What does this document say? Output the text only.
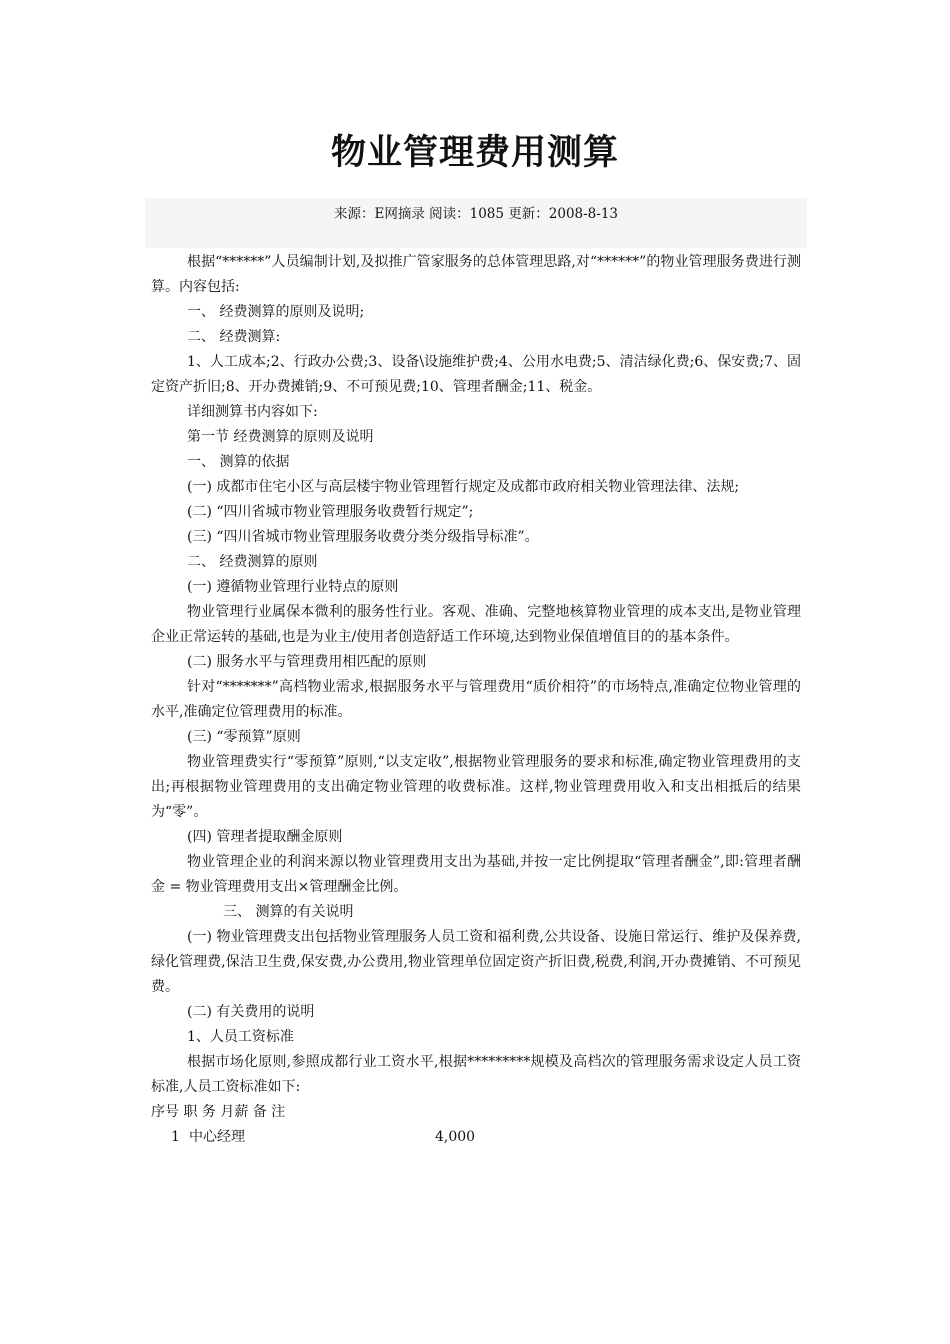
物业管理费用测算
来源：E网摘录 阅读：1085 更新：2008-8-13

根据“******”人员编制计划,及拟推广管家服务的总体管理思路,对“******”的物业管理服务费进行测算。内容包括:

一、 经费测算的原则及说明;

二、 经费测算:

1、人工成本;2、行政办公费;3、设备\设施维护费;4、公用水电费;5、清洁绿化费;6、保安费;7、固定资产折旧;8、开办费摊销;9、不可预见费;10、管理者酬金;11、税金。

详细测算书内容如下:

第一节 经费测算的原则及说明

一、 测算的依据

(一) 成都市住宅小区与高层楼宇物业管理暂行规定及成都市政府相关物业管理法律、法规;

(二) “四川省城市物业管理服务收费暂行规定”;

(三) “四川省城市物业管理服务收费分类分级指导标准”。

二、 经费测算的原则

(一) 遵循物业管理行业特点的原则

物业管理行业属保本微利的服务性行业。客观、准确、完整地核算物业管理的成本支出,是物业管理企业正常运转的基础,也是为业主/使用者创造舒适工作环境,达到物业保值增值目的的基本条件。

(二) 服务水平与管理费用相匹配的原则

针对“*******”高档物业需求,根据服务水平与管理费用“质价相符”的市场特点,准确定位物业管理的水平,准确定位管理费用的标准。

(三) “零预算”原则

物业管理费实行“零预算”原则,“以支定收”,根据物业管理服务的要求和标准,确定物业管理费用的支出;再根据物业管理费用的支出确定物业管理的收费标准。这样,物业管理费用收入和支出相抵后的结果为“零”。

(四) 管理者提取酬金原则

物业管理企业的利润来源以物业管理费用支出为基础,并按一定比例提取“管理者酬金”,即:管理者酬金 = 物业管理费用支出×管理酬金比例。

三、 测算的有关说明

(一) 物业管理费支出包括物业管理服务人员工资和福利费,公共设备、设施日常运行、维护及保养费,绿化管理费,保洁卫生费,保安费,办公费用,物业管理单位固定资产折旧费,税费,利润,开办费摊销、不可预见费。

(二) 有关费用的说明

1、人员工资标准

根据市场化原则,参照成都行业工资水平,根据*********规模及高档次的管理服务需求设定人员工资标准,人员工资标准如下:

序号 职 务 月薪 备 注

1 中心经理	4,000
